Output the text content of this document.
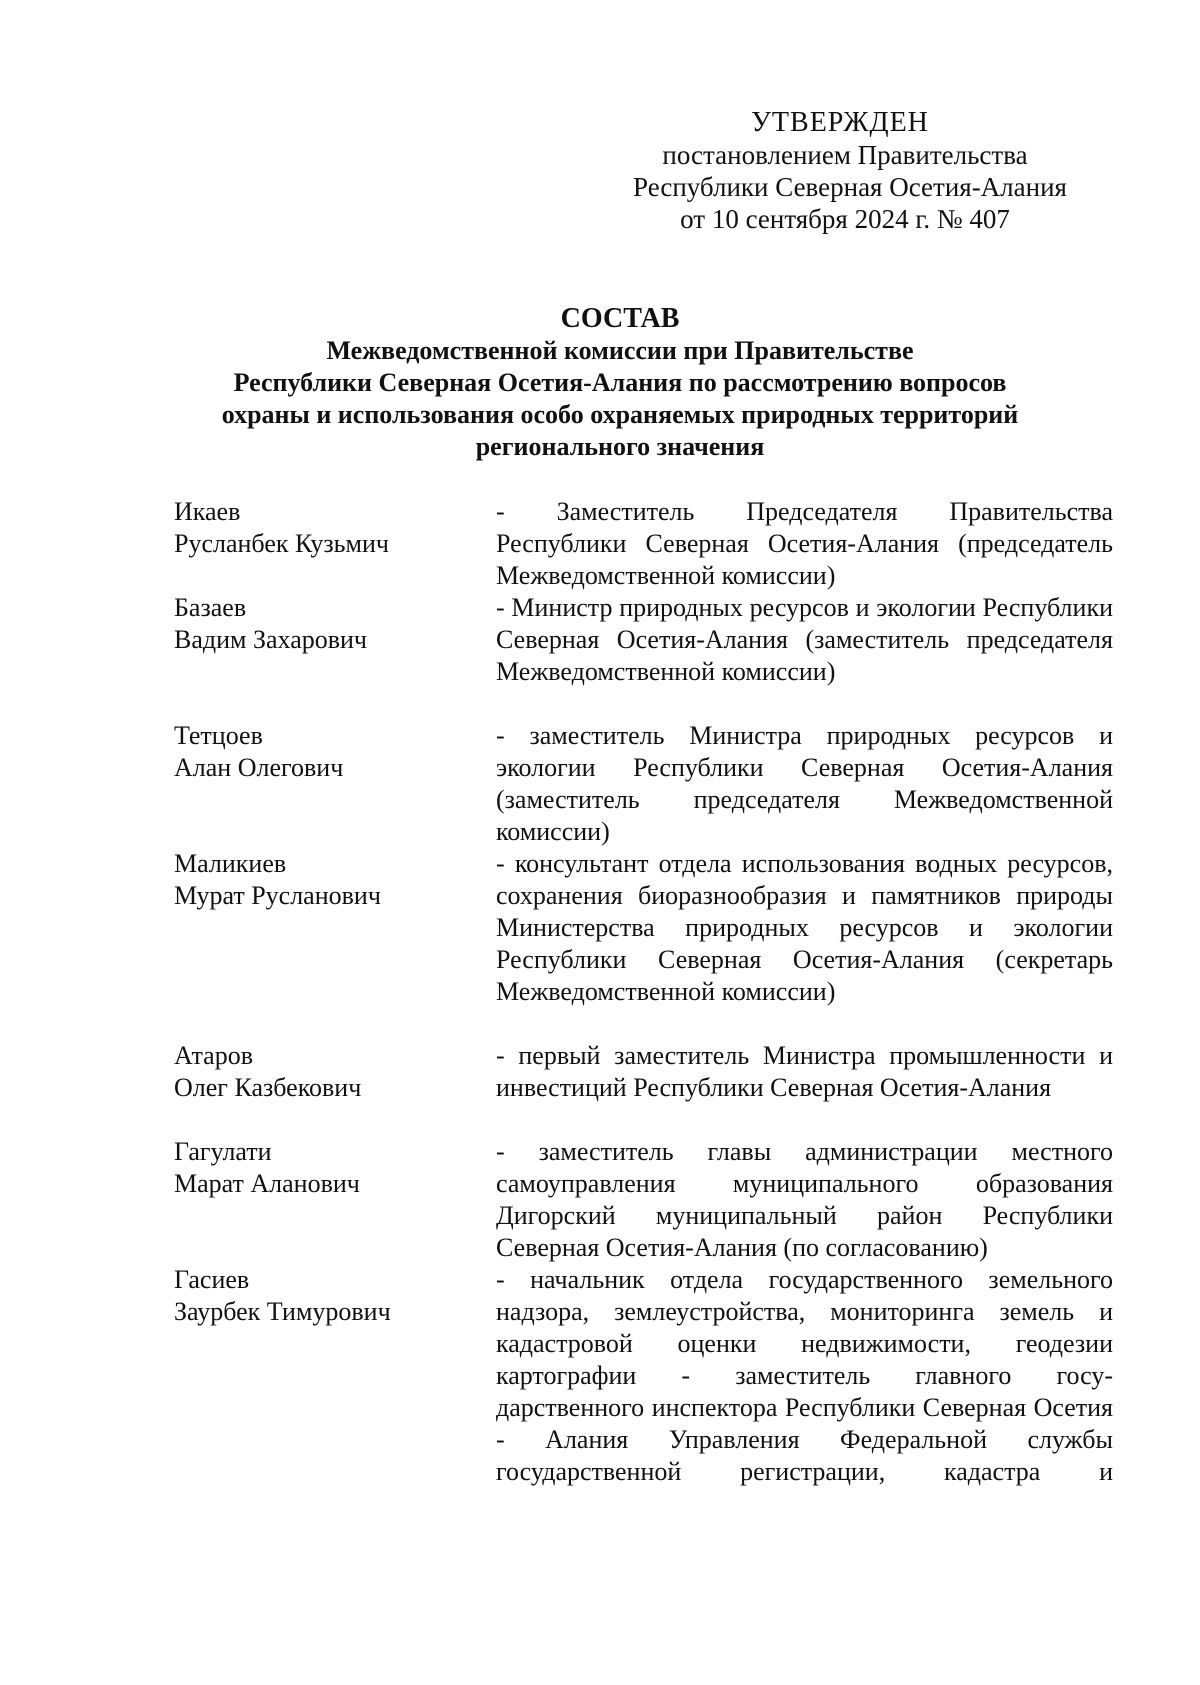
УТВЕРЖДЕН
постановлением Правительства
Республики Северная Осетия-Алания
от 10 сентября 2024 г. № 407
СОСТАВ
Межведомственной комиссии при Правительстве
Республики Северная Осетия-Алания по рассмотрению вопросов
охраны и использования особо охраняемых природных территорий
регионального значения
Икаев
Русланбек Кузьмич
- Заместитель Председателя Правительства Республики Северная Осетия-Алания (председатель Межведомственной комиссии)
Базаев
Вадим Захарович
- Министр природных ресурсов и экологии Республики Северная Осетия-Алания (заместитель председателя Межведомственной комиссии)
Тетцоев
Алан Олегович
- заместитель Министра природных ресурсов и экологии Республики Северная Осетия-Алания (заместитель председателя Межведомственной комиссии)
Маликиев
Мурат Русланович
- консультант отдела использования водных ресурсов, сохранения биоразнообразия и памятников природы Министерства природных ресурсов и экологии Республики Северная Осетия-Алания (секретарь Межведомственной комиссии)
Атаров
Олег Казбекович
- первый заместитель Министра промышленности и инвестиций Республики Северная Осетия-Алания
Гагулати
Марат Аланович
- заместитель главы администрации местного самоуправления муниципального образования Дигорский муниципальный район Республики Северная Осетия-Алания (по согласованию)
Гасиев
Заурбек Тимурович
- начальник отдела государственного земельного надзора, землеустройства, мониторинга земель и кадастровой оценки недвижимости, геодезии картографии - заместитель главного госу- дарственного инспектора Республики Северная Осетия - Алания Управления Федеральной службы государственной регистрации, кадастра и
